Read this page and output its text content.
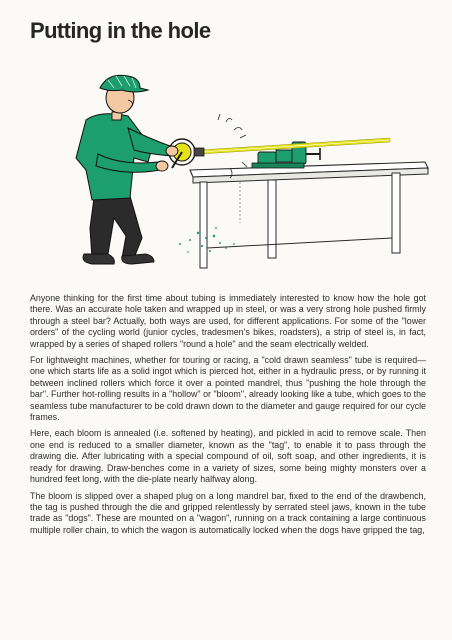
Putting in the hole

Anyone thinking for the first time about tubing is immediately interested to know how the hole got there. Was an accurate hole taken and wrapped up in steel, or was a very strong hole pushed firmly through a steel bar? Actually, both ways are used, for different applications. For some of the "lower orders" of the cycling world (junior cycles, tradesmen's bikes, roadsters), a strip of steel is, in fact, wrapped by a series of shaped rollers "round a hole" and the seam electrically welded.

For lightweight machines, whether for touring or racing, a "cold drawn seamless" tube is required—one which starts life as a solid ingot which is pierced hot, either in a hydraulic press, or by running it between inclined rollers which force it over a pointed mandrel, thus "pushing the hole through the bar". Further hot-rolling results in a "hollow" or "bloom", already looking like a tube, which goes to the seamless tube manufacturer to be cold drawn down to the diameter and gauge required for our cycle frames.

Here, each bloom is annealed (i.e. softened by heating), and pickled in acid to remove scale. Then one end is reduced to a smaller diameter, known as the "tag", to enable it to pass through the drawing die. After lubricating with a special compound of oil, soft soap, and other ingredients, it is ready for drawing. Draw-benches come in a variety of sizes, some being mighty monsters over a hundred feet long, with the die-plate nearly halfway along.

The bloom is slipped over a shaped plug on a long mandrel bar, fixed to the end of the drawbench, the tag is pushed through the die and gripped relentlessly by serrated steel jaws, known in the tube trade as "dogs". These are mounted on a "wagon", running on a track containing a large continuous multiple roller chain, to which the wagon is automatically locked when the dogs have gripped the tag,
